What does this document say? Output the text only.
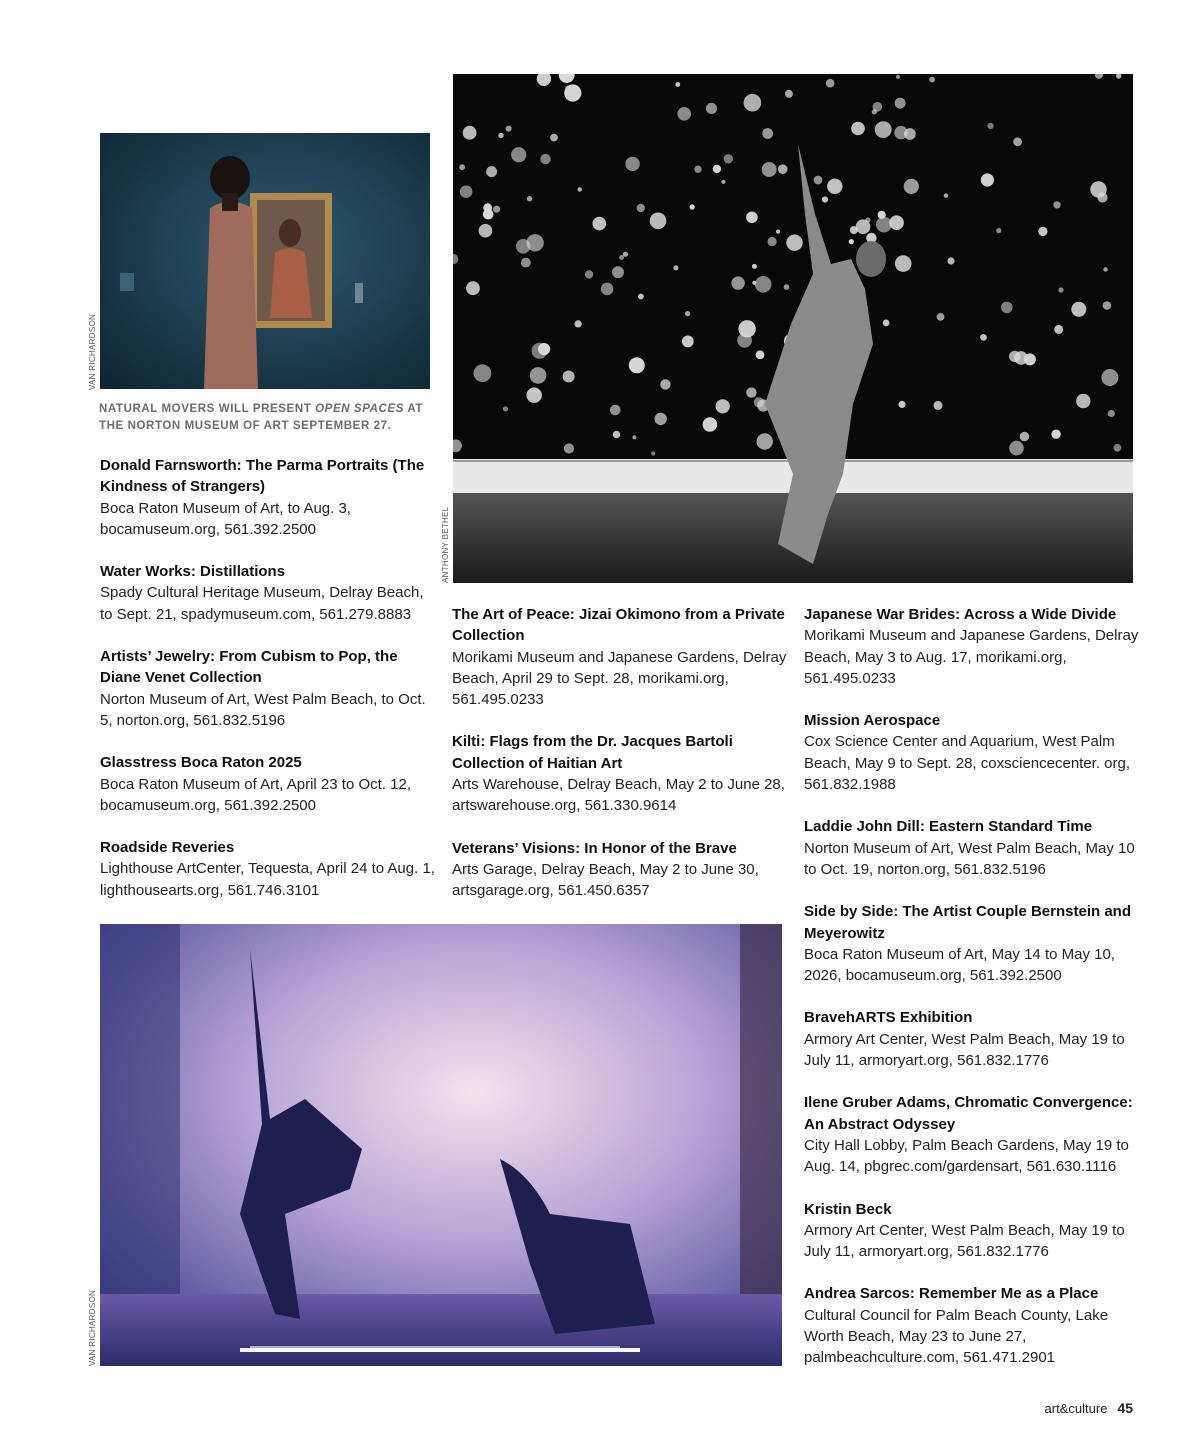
VAN RICHARDSON
NATURAL MOVERS WILL PRESENT OPEN SPACES AT THE NORTON MUSEUM OF ART SEPTEMBER 27.
ANTHONY BETHEL
VAN RICHARDSON
Donald Farnsworth: The Parma Portraits (The Kindness of Strangers)
Boca Raton Museum of Art, to Aug. 3, bocamuseum.org, 561.392.2500
Water Works: Distillations
Spady Cultural Heritage Museum, Delray Beach, to Sept. 21, spadymuseum.com, 561.279.8883
Artists’ Jewelry: From Cubism to Pop, the Diane Venet Collection
Norton Museum of Art, West Palm Beach, to Oct. 5, norton.org, 561.832.5196
Glasstress Boca Raton 2025
Boca Raton Museum of Art, April 23 to Oct. 12, bocamuseum.org, 561.392.2500
Roadside Reveries
Lighthouse ArtCenter, Tequesta, April 24 to Aug. 1, lighthousearts.org, 561.746.3101
The Art of Peace: Jizai Okimono from a Private Collection
Morikami Museum and Japanese Gardens, Delray Beach, April 29 to Sept. 28, morikami.org, 561.495.0233
Kilti: Flags from the Dr. Jacques Bartoli Collection of Haitian Art
Arts Warehouse, Delray Beach, May 2 to June 28, artswarehouse.org, 561.330.9614
Veterans’ Visions: In Honor of the Brave
Arts Garage, Delray Beach, May 2 to June 30, artsgarage.org, 561.450.6357
Japanese War Brides: Across a Wide Divide
Morikami Museum and Japanese Gardens, Delray Beach, May 3 to Aug. 17, morikami.org, 561.495.0233
Mission Aerospace
Cox Science Center and Aquarium, West Palm Beach, May 9 to Sept. 28, coxsciencecenter. org, 561.832.1988
Laddie John Dill: Eastern Standard Time
Norton Museum of Art, West Palm Beach, May 10 to Oct. 19, norton.org, 561.832.5196
Side by Side: The Artist Couple Bernstein and Meyerowitz
Boca Raton Museum of Art, May 14 to May 10, 2026, bocamuseum.org, 561.392.2500
BravehARTS Exhibition
Armory Art Center, West Palm Beach, May 19 to July 11, armoryart.org, 561.832.1776
Ilene Gruber Adams, Chromatic Convergence: An Abstract Odyssey
City Hall Lobby, Palm Beach Gardens, May 19 to Aug. 14, pbgrec.com/gardensart, 561.630.1116
Kristin Beck
Armory Art Center, West Palm Beach, May 19 to July 11, armoryart.org, 561.832.1776
Andrea Sarcos: Remember Me as a Place
Cultural Council for Palm Beach County, Lake Worth Beach, May 23 to June 27, palmbeachculture.com, 561.471.2901
art&culture 45
